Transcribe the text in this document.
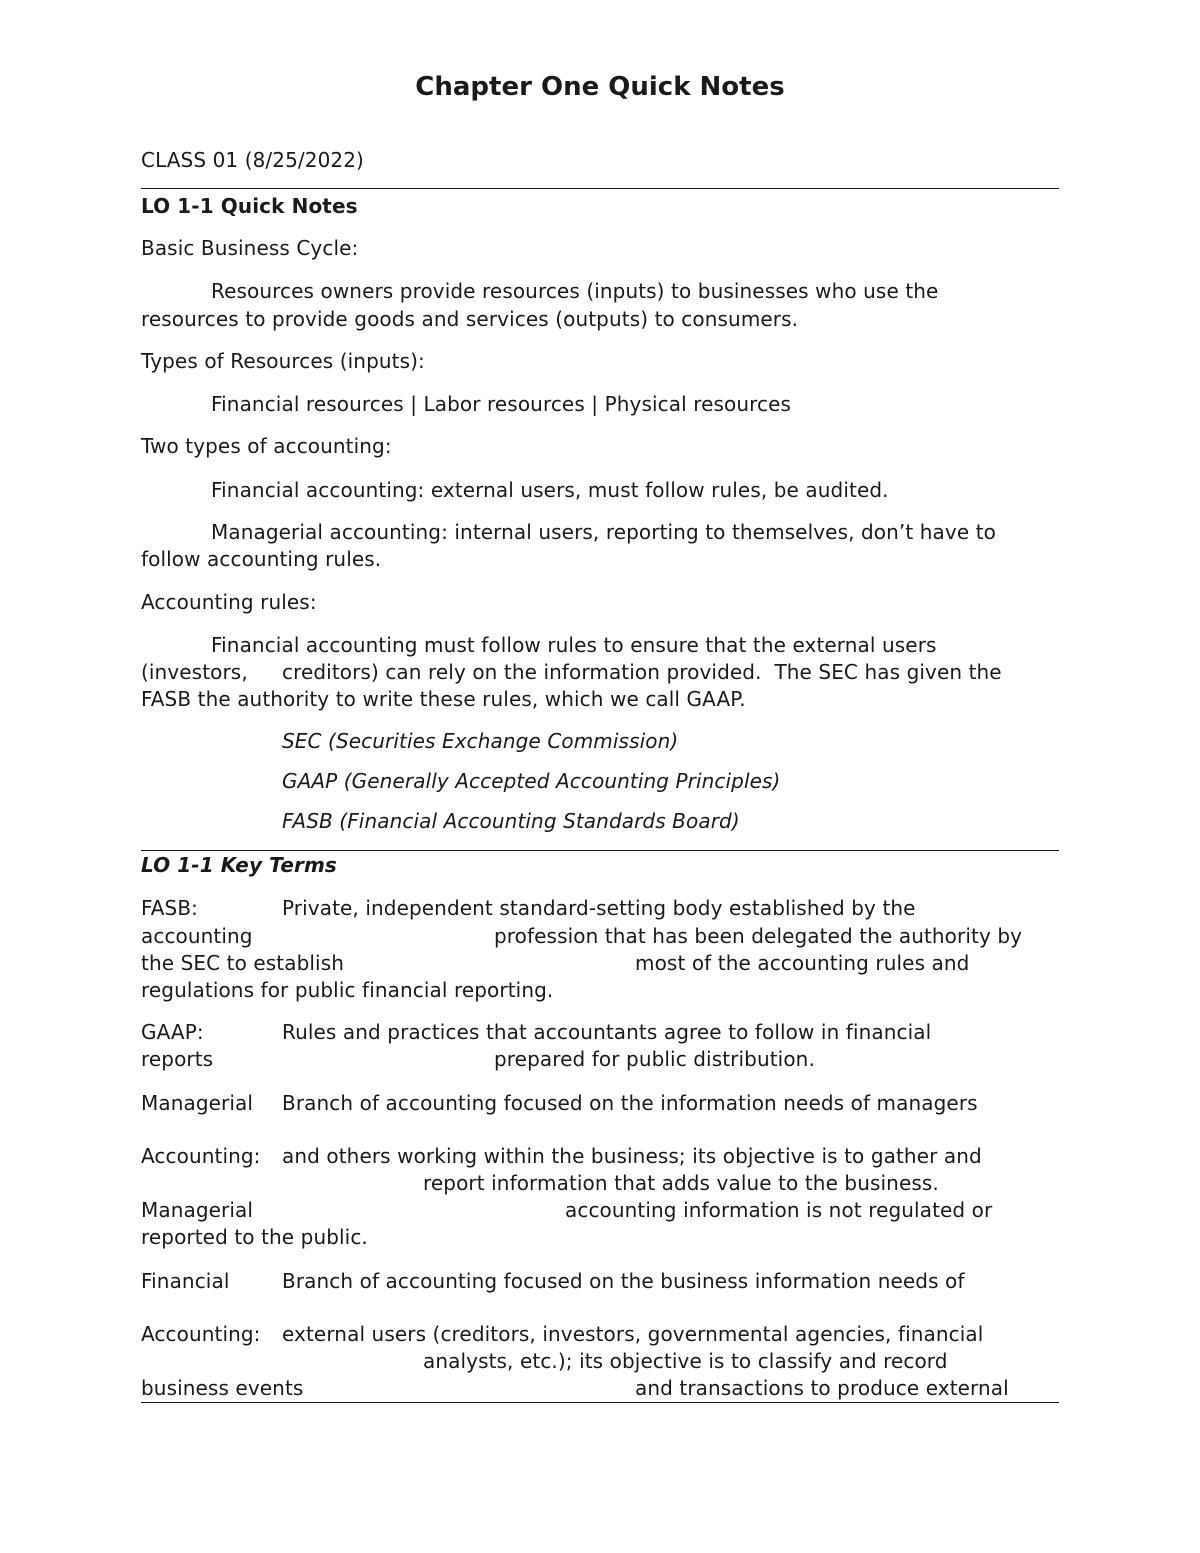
Chapter One Quick Notes
CLASS 01 (8/25/2022)
LO 1-1 Quick Notes
Basic Business Cycle:
Resources owners provide resources (inputs) to businesses who use the
resources to provide goods and services (outputs) to consumers.
Types of Resources (inputs):
Financial resources | Labor resources | Physical resources
Two types of accounting:
Financial accounting: external users, must follow rules, be audited.
Managerial accounting: internal users, reporting to themselves, don’t have to
follow accounting rules.
Accounting rules:
Financial accounting must follow rules to ensure that the external users
(investors, creditors) can rely on the information provided.  The SEC has given the
FASB the authority to write these rules, which we call GAAP.
SEC (Securities Exchange Commission)
GAAP (Generally Accepted Accounting Principles)
FASB (Financial Accounting Standards Board)
LO 1-1 Key Terms
FASB:	Private, independent standard-setting body established by the
accounting	profession that has been delegated the authority by
the SEC to establish	most of the accounting rules and
regulations for public financial reporting.
GAAP:	Rules and practices that accountants agree to follow in financial
reports	prepared for public distribution.
Managerial Branch of accounting focused on the information needs of managers
Accounting: and others working within the business; its objective is to gather and
report information that adds value to the business.
Managerial	accounting information is not regulated or
reported to the public.
Financial	Branch of accounting focused on the business information needs of
Accounting: external users (creditors, investors, governmental agencies, financial
analysts, etc.); its objective is to classify and record
business events	and transactions to produce external
